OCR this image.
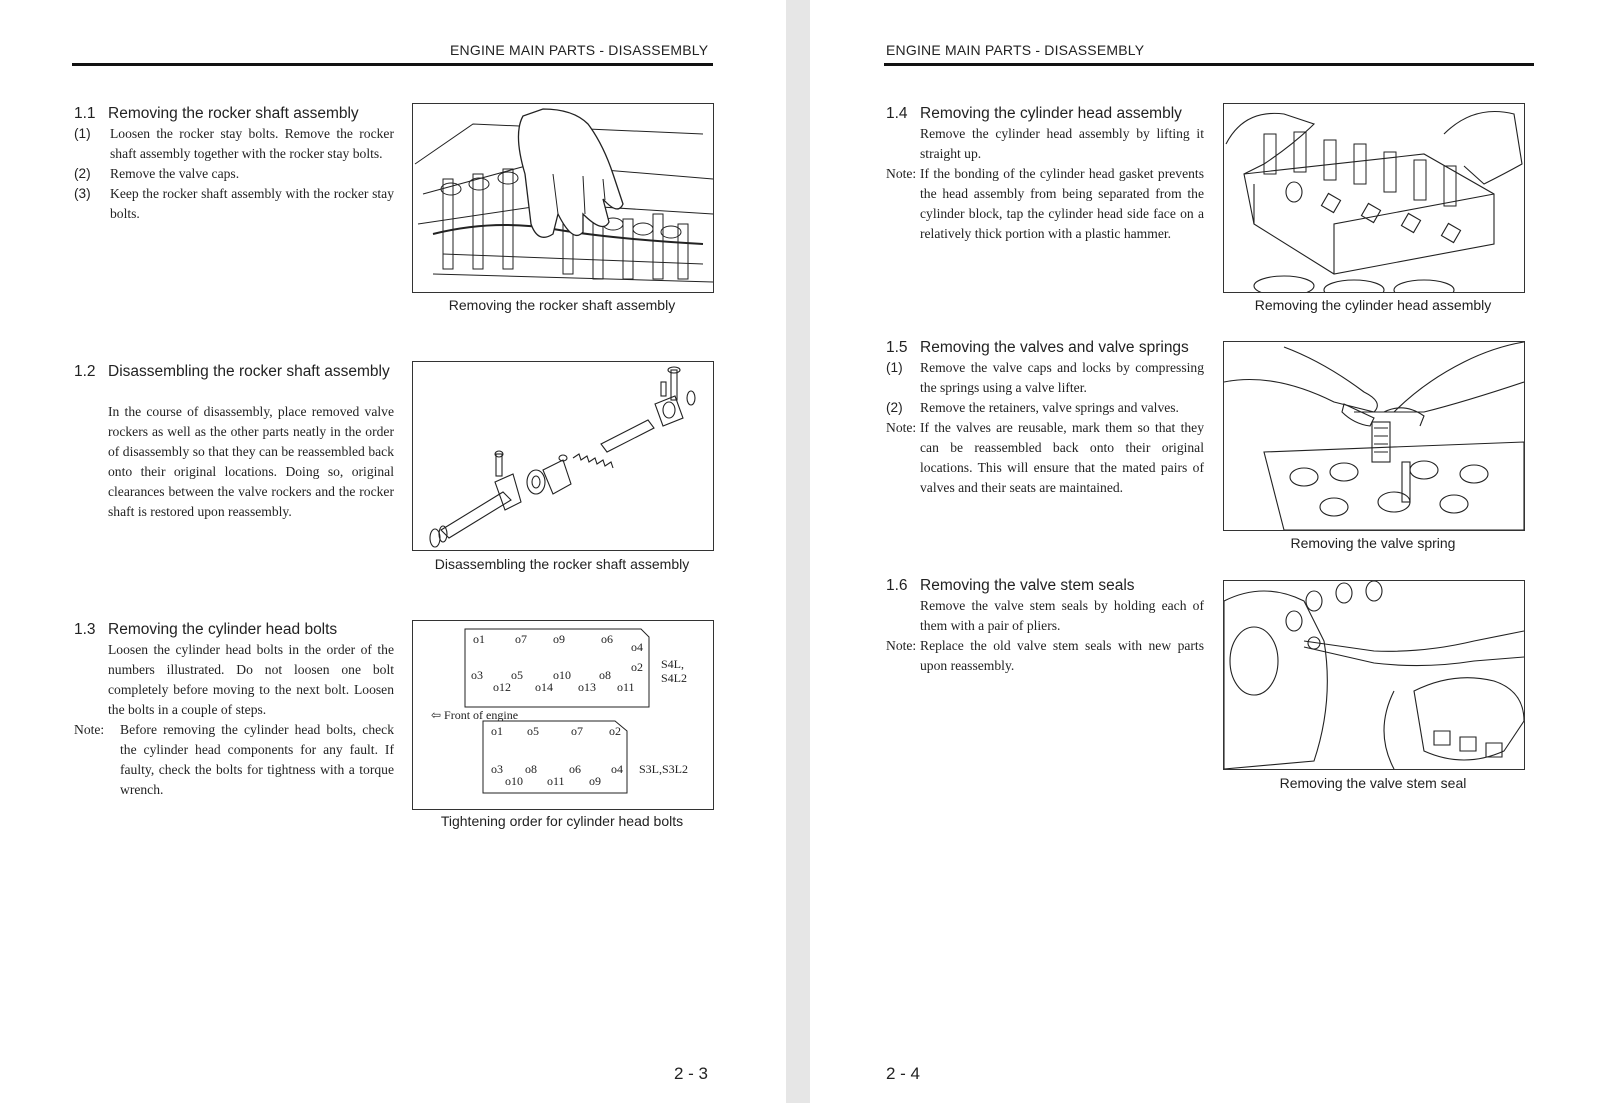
ENGINE MAIN PARTS - DISASSEMBLY
1.1 Removing the rocker shaft assembly
(1) Loosen the rocker stay bolts. Remove the rocker shaft assembly together with the rocker stay bolts.
(2) Remove the valve caps.
(3) Keep the rocker shaft assembly with the rocker stay bolts.
Removing the rocker shaft assembly
1.2 Disassembling the rocker shaft assembly
In the course of disassembly, place removed valve rockers as well as the other parts neatly in the order of disassembly so that they can be reassembled back onto their original locations. Doing so, original clearances between the valve rockers and the rocker shaft is restored upon reassembly.
Disassembling the rocker shaft assembly
1.3 Removing the cylinder head bolts
Loosen the cylinder head bolts in the order of the numbers illustrated. Do not loosen one bolt completely before moving to the next bolt. Loosen the bolts in a couple of steps.
Note: Before removing the cylinder head bolts, check the cylinder head components for any fault. If faulty, check the bolts for tightness with a torque wrench.
o1	o7 o9	o6
o4
o2
o3 o5	o10 o8
o12 o14 o13 o11
o1 o5	o7 o2
o3 o8	o6	o4
o10 o11 o9
S4L,
S4L2
⇦ Front of engine
S3L,S3L2
Tightening order for cylinder head bolts
2 - 3
ENGINE MAIN PARTS - DISASSEMBLY
1.4 Removing the cylinder head assembly
Remove the cylinder head assembly by lifting it straight up.
Note: If the bonding of the cylinder head gasket prevents the head assembly from being separated from the cylinder block, tap the cylinder head side face on a relatively thick portion with a plastic hammer.
Removing the cylinder head assembly
1.5 Removing the valves and valve springs
(1) Remove the valve caps and locks by compressing the springs using a valve lifter.
(2) Remove the retainers, valve springs and valves.
Note: If the valves are reusable, mark them so that they can be reassembled back onto their original locations. This will ensure that the mated pairs of valves and their seats are maintained.
Removing the valve spring
1.6 Removing the valve stem seals
Remove the valve stem seals by holding each of them with a pair of pliers.
Note: Replace the old valve stem seals with new parts upon reassembly.
Removing the valve stem seal
2 - 4
